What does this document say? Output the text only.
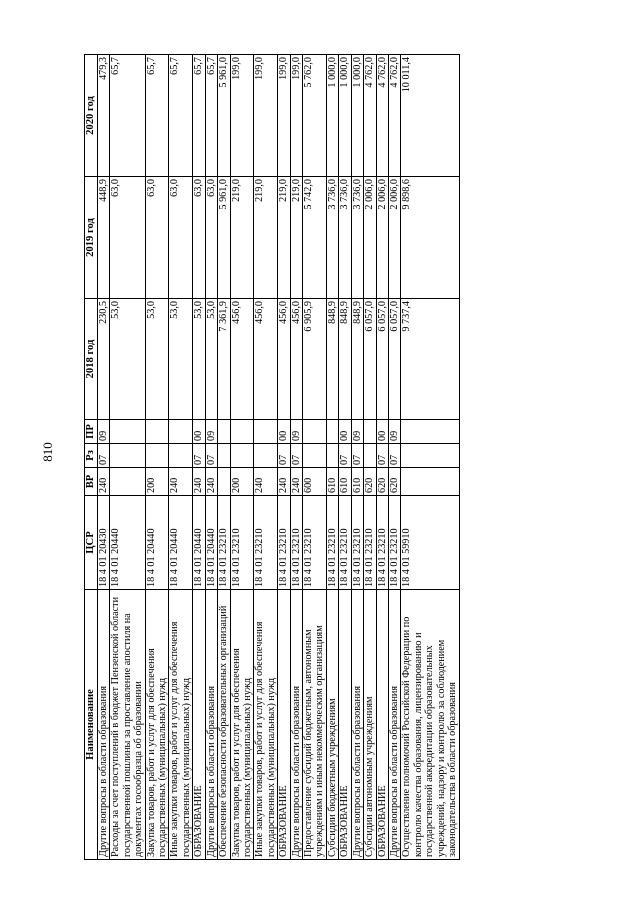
810
Наименование	ЦСР	ВР	Рз	ПР	2018 год	2019 год	2020 год
Другие вопросы в области образования	18 4 01 20430	240	07	09	230,5	448,9	479,3
Расходы за счет поступлений в бюджет Пензенской области государственной пошлины за проставление апостиля на документах госообразца об образовании	18 4 01 20440				53,0	63,0	65,7
Закупка товаров, работ и услуг для обеспечения государственных (муниципальных) нужд	18 4 01 20440	200			53,0	63,0	65,7
Иные закупки товаров, работ и услуг для обеспечения государственных (муниципальных) нужд	18 4 01 20440	240			53,0	63,0	65,7
ОБРАЗОВАНИЕ	18 4 01 20440	240	07	00	53,0	63,0	65,7
Другие вопросы в области образования	18 4 01 20440	240	07	09	53,0	63,0	65,7
Обеспечение безопасности образовательных организаций	18 4 01 23210				7 361,9	5 961,0	5 961,0
Закупка товаров, работ и услуг для обеспечения государственных (муниципальных) нужд	18 4 01 23210	200			456,0	219,0	199,0
Иные закупки товаров, работ и услуг для обеспечения государственных (муниципальных) нужд	18 4 01 23210	240			456,0	219,0	199,0
ОБРАЗОВАНИЕ	18 4 01 23210	240	07	00	456,0	219,0	199,0
Другие вопросы в области образования	18 4 01 23210	240	07	09	456,0	219,0	199,0
Предоставление субсидий бюджетным, автономным учреждениям и иным некоммерческим организациям	18 4 01 23210	600			6 905,9	5 742,0	5 762,0
Субсидии бюджетным учреждениям	18 4 01 23210	610			848,9	3 736,0	1 000,0
ОБРАЗОВАНИЕ	18 4 01 23210	610	07	00	848,9	3 736,0	1 000,0
Другие вопросы в области образования	18 4 01 23210	610	07	09	848,9	3 736,0	1 000,0
Субсидии автономным учреждениям	18 4 01 23210	620			6 057,0	2 006,0	4 762,0
ОБРАЗОВАНИЕ	18 4 01 23210	620	07	00	6 057,0	2 006,0	4 762,0
Другие вопросы в области образования	18 4 01 23210	620	07	09	6 057,0	2 006,0	4 762,0
Осуществление полномочий Российской Федерации по контролю качества образования, лицензированию и государственной аккредитации образовательных учреждений, надзору и контролю за соблюдением законодательства в области образования	18 4 01 59910				9 737,4	9 898,6	10 011,4
